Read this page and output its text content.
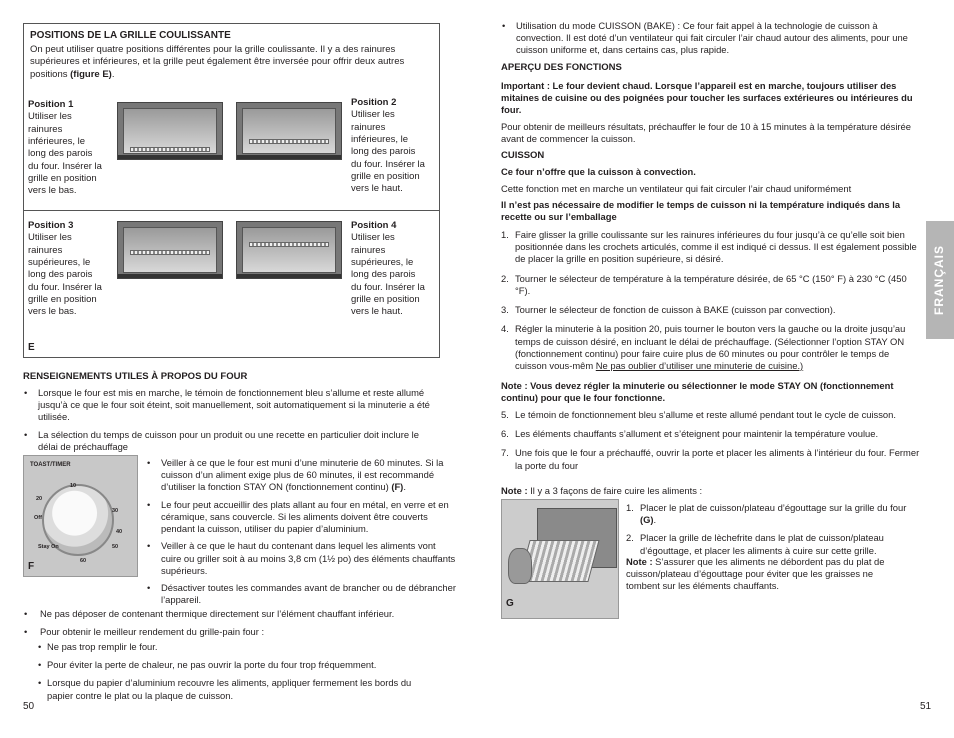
POSITIONS DE LA GRILLE COULISSANTE
On peut utiliser quatre positions différentes pour la grille coulissante. Il y a des rainures supérieures et inférieures, et la grille peut également être inversée pour offrir deux autres positions (figure E).
Position 1
Utiliser les rainures inférieures, le long des parois du four. Insérer la grille en position vers le bas.
Position 2
Utiliser les rainures inférieures, le long des parois du four. Insérer la grille en position vers le haut.
Position 3
Utiliser les rainures supérieures, le long des parois du four. Insérer la grille en position vers le bas.
Position 4
Utiliser les rainures supérieures, le long des parois du four. Insérer la grille en position vers le haut.
E
RENSEIGNEMENTS UTILES À PROPOS DU FOUR
• Lorsque le four est mis en marche, le témoin de fonctionnement bleu s’allume et reste allumé jusqu’à ce que le four soit éteint, soit manuellement, soit automatiquement si la minuterie a été utilisée.
• La sélection du temps de cuisson pour un produit ou une recette en particulier doit inclure le délai de préchauffage
TOAST/TIMER
10
20
30
40
50
60
Off
Stay On
F
• Veiller à ce que le four est muni d’une minuterie de 60 minutes. Si la cuisson d’un aliment exige plus de 60 minutes, il est recommandé d’utiliser la fonction STAY ON (fonctionnement continu) (F).
• Le four peut accueillir des plats allant au four en métal, en verre et en céramique, sans couvercle. Si les aliments doivent être couverts pendant la cuisson, utiliser du papier d’aluminium.
• Veiller à ce que le haut du contenant dans lequel les aliments vont cuire ou griller soit à au moins 3,8 cm (1½ po) des éléments chauffants supérieurs.
• Désactiver toutes les commandes avant de brancher ou de débrancher l’appareil.
• Ne pas déposer de contenant thermique directement sur l’élément chauffant inférieur.
• Pour obtenir le meilleur rendement du grille-pain four :
• Ne pas trop remplir le four.
• Pour éviter la perte de chaleur, ne pas ouvrir la porte du four trop fréquemment.
• Lorsque du papier d’aluminium recouvre les aliments, appliquer fermement les bords du papier contre le plat ou la plaque de cuisson.
50
• Utilisation du mode CUISSON (BAKE) : Ce four fait appel à la technologie de cuisson à convection. Il est doté d’un ventilateur qui fait circuler l’air chaud autour des aliments, pour une cuisson uniforme et, dans certains cas, plus rapide.
APERÇU DES FONCTIONS
Important : Le four devient chaud. Lorsque l’appareil est en marche, toujours utiliser des mitaines de cuisine ou des poignées pour toucher les surfaces extérieures ou intérieures du four.
Pour obtenir de meilleurs résultats, préchauffer le four de 10 à 15 minutes à la température désirée avant de commencer la cuisson.
CUISSON
Ce four n’offre que la cuisson à convection.
Cette fonction met en marche un ventilateur qui fait circuler l’air chaud uniformément
Il n’est pas nécessaire de modifier le temps de cuisson ni la température indiqués dans la recette ou sur l’emballage
1. Faire glisser la grille coulissante sur les rainures inférieures du four jusqu’à ce qu’elle soit bien positionnée dans les crochets articulés, comme il est indiqué ci dessus. Il est également possible de placer la grille en position supérieure, si désiré.
2. Tourner le sélecteur de température à la température désirée, de 65 °C (150° F) à 230 °C (450 °F).
3. Tourner le sélecteur de fonction de cuisson à BAKE (cuisson par convection).
4. Régler la minuterie à la position 20, puis tourner le bouton vers la gauche ou la droite jusqu’au temps de cuisson désiré, en incluant le délai de préchauffage. (Sélectionner l’option STAY ON (fonctionnement continu) pour faire cuire plus de 60 minutes ou pour contrôler le temps de cuisson vous-mêm Ne pas oublier d’utiliser une minuterie de cuisine.)
Note : Vous devez régler la minuterie ou sélectionner le mode STAY ON (fonctionnement continu) pour que le four fonctionne.
5. Le témoin de fonctionnement bleu s’allume et reste allumé pendant tout le cycle de cuisson.
6. Les éléments chauffants s’allument et s’éteignent pour maintenir la température voulue.
7. Une fois que le four a préchauffé, ouvrir la porte et placer les aliments à l’intérieur du four. Fermer la porte du four
Note : Il y a 3 façons de faire cuire les aliments :
1. Placer le plat de cuisson/plateau d’égouttage sur la grille du four (G).
2. Placer la grille de lèchefrite dans le plat de cuisson/plateau d’égouttage, et placer les aliments à cuire sur cette grille.
Note : S’assurer que les aliments ne débordent pas du plat de cuisson/plateau d’égouttage pour éviter que les graisses ne tombent sur les éléments chauffants.
51
G
FRANÇAIS
